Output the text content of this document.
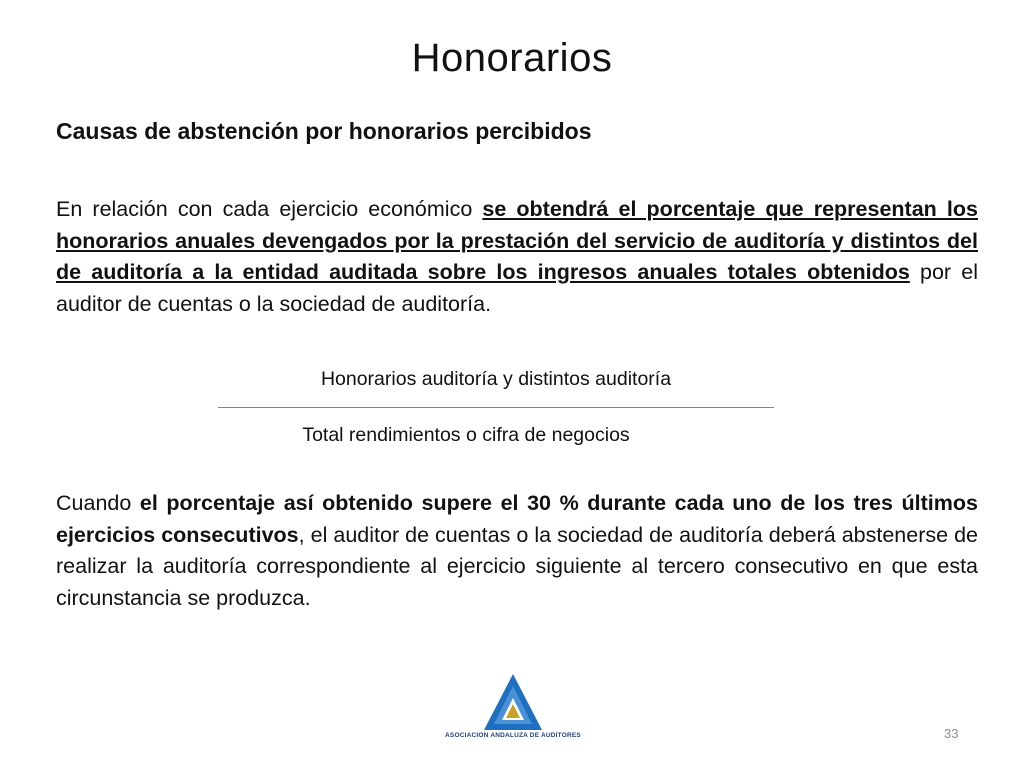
Honorarios
Causas de abstención por honorarios percibidos
En relación con cada ejercicio económico se obtendrá el porcentaje que representan los honorarios anuales devengados por la prestación del servicio de auditoría y distintos del de auditoría a la entidad auditada sobre los ingresos anuales totales obtenidos por el auditor de cuentas o la sociedad de auditoría.
Honorarios auditoría y distintos auditoría
Total rendimientos o cifra de negocios
Cuando el porcentaje así obtenido supere el 30 % durante cada uno de los tres últimos ejercicios consecutivos, el auditor de cuentas o la sociedad de auditoría deberá abstenerse de realizar la auditoría correspondiente al ejercicio siguiente al tercero consecutivo en que esta circunstancia se produzca.
ASOCIACION ANDALUZA DE AUDITORES	33
